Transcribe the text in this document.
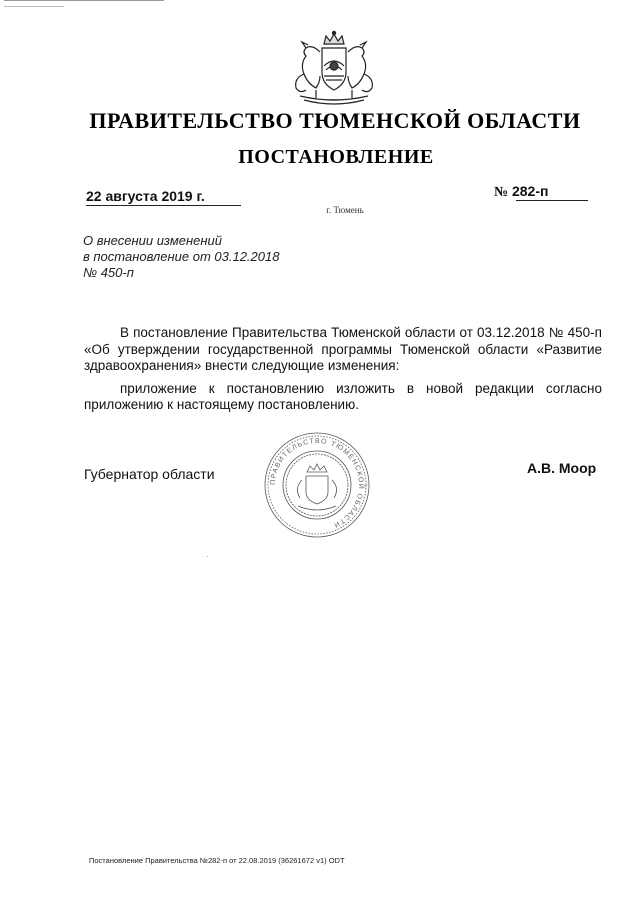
ПРАВИТЕЛЬСТВО ТЮМЕНСКОЙ ОБЛАСТИ
ПОСТАНОВЛЕНИЕ
22 августа 2019 г.	№ 282-п
г. Тюмень
О внесении изменений
в постановление от 03.12.2018
№ 450-п

В постановление Правительства Тюменской области от 03.12.2018 № 450-п «Об утверждении государственной программы Тюменской области «Развитие здравоохранения» внести следующие изменения:

приложение к постановлению изложить в новой редакции согласно приложению к настоящему постановлению.

Губернатор области	ПРАВИТЕЛЬСТВО ТЮМЕНСКОЙ ОБЛАСТИ
А.В. Моор
Постановление Правительства №282-п от 22.08.2019 (36261672 v1) ODT
